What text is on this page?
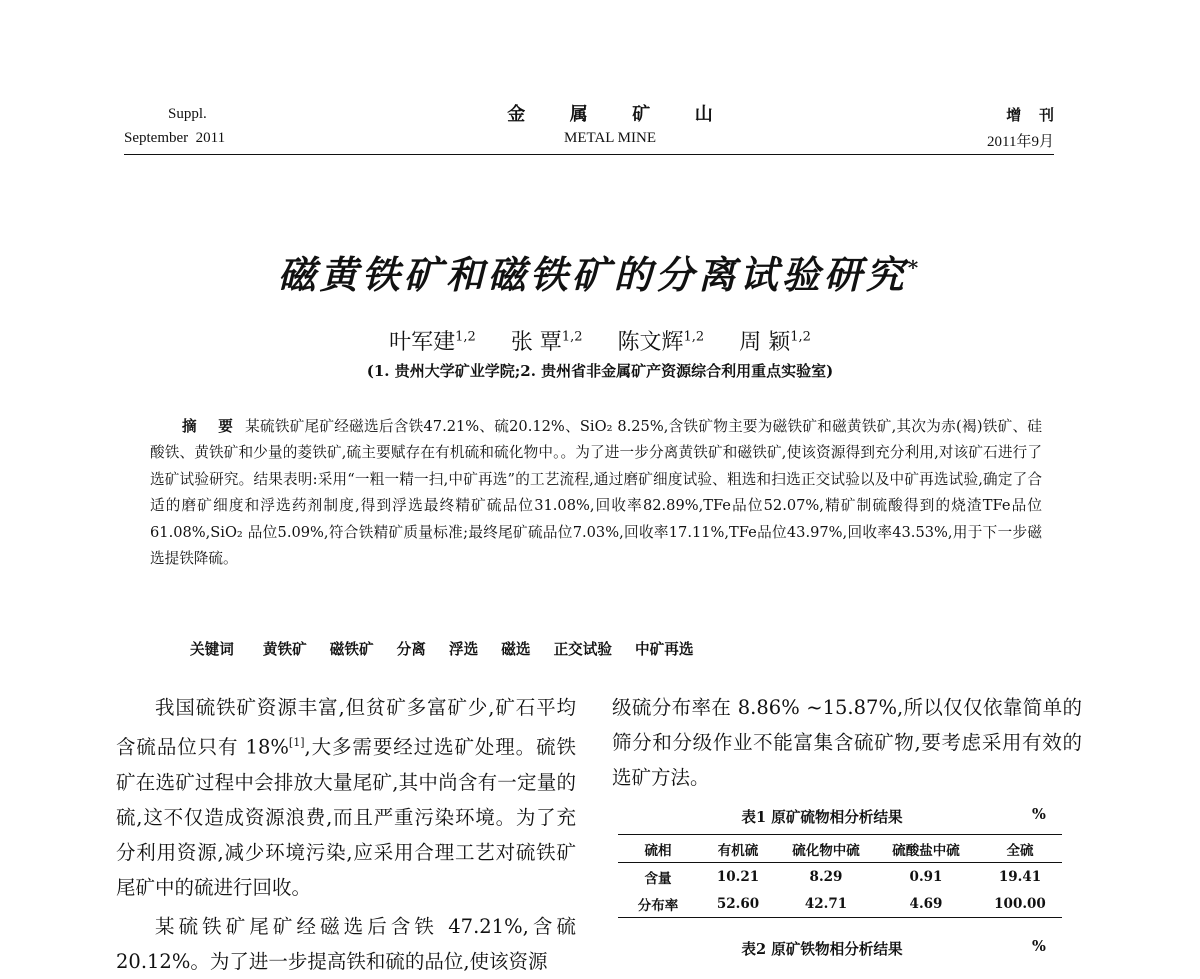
Suppl.
September  2011
金 属 矿 山
METAL MINE
增 刊
2011年9月
磁黄铁矿和磁铁矿的分离试验研究*
叶军建$^{1,2}$ 张 覃$^{1,2}$ 陈文辉$^{1,2}$ 周 颖$^{1,2}$
(1. 贵州大学矿业学院;2. 贵州省非金属矿产资源综合利用重点实验室)
摘 要 某硫铁矿尾矿经磁选后含铁47.21%、硫20.12%、SiO₂ 8.25%,含铁矿物主要为磁铁矿和磁黄铁矿,其次为赤(褐)铁矿、硅酸铁、黄铁矿和少量的菱铁矿,硫主要赋存在有机硫和硫化物中。。为了进一步分离黄铁矿和磁铁矿,使该资源得到充分利用,对该矿石进行了选矿试验研究。结果表明:采用“一粗一精一扫,中矿再选”的工艺流程,通过磨矿细度试验、粗选和扫选正交试验以及中矿再选试验,确定了合适的磨矿细度和浮选药剂制度,得到浮选最终精矿硫品位31.08%,回收率82.89%,TFe品位52.07%,精矿制硫酸得到的烧渣TFe品位61.08%,SiO₂ 品位5.09%,符合铁精矿质量标准;最终尾矿硫品位7.03%,回收率17.11%,TFe品位43.97%,回收率43.53%,用于下一步磁选提铁降硫。
关键词 黄铁矿 磁铁矿 分离 浮选 磁选 正交试验 中矿再选

我国硫铁矿资源丰富,但贫矿多富矿少,矿石平均含硫品位只有 18%[1],大多需要经过选矿处理。硫铁矿在选矿过程中会排放大量尾矿,其中尚含有一定量的硫,这不仅造成资源浪费,而且严重污染环境。为了充分利用资源,减少环境污染,应采用合理工艺对硫铁矿尾矿中的硫进行回收。

某硫铁矿尾矿经磁选后含铁 47.21%,含硫 20.12%。为了进一步提高铁和硫的品位,使该资源

级硫分布率在 8.86% ~15.87%,所以仅仅依靠简单的筛分和分级作业不能富集含硫矿物,要考虑采用有效的选矿方法。

表1 原矿硫物相分析结果	%
硫相	有机硫	硫化物中硫	硫酸盐中硫	全硫
含量	10.21	8.29	0.91	19.41
分布率	52.60	42.71	4.69	100.00
表2 原矿铁物相分析结果	%
